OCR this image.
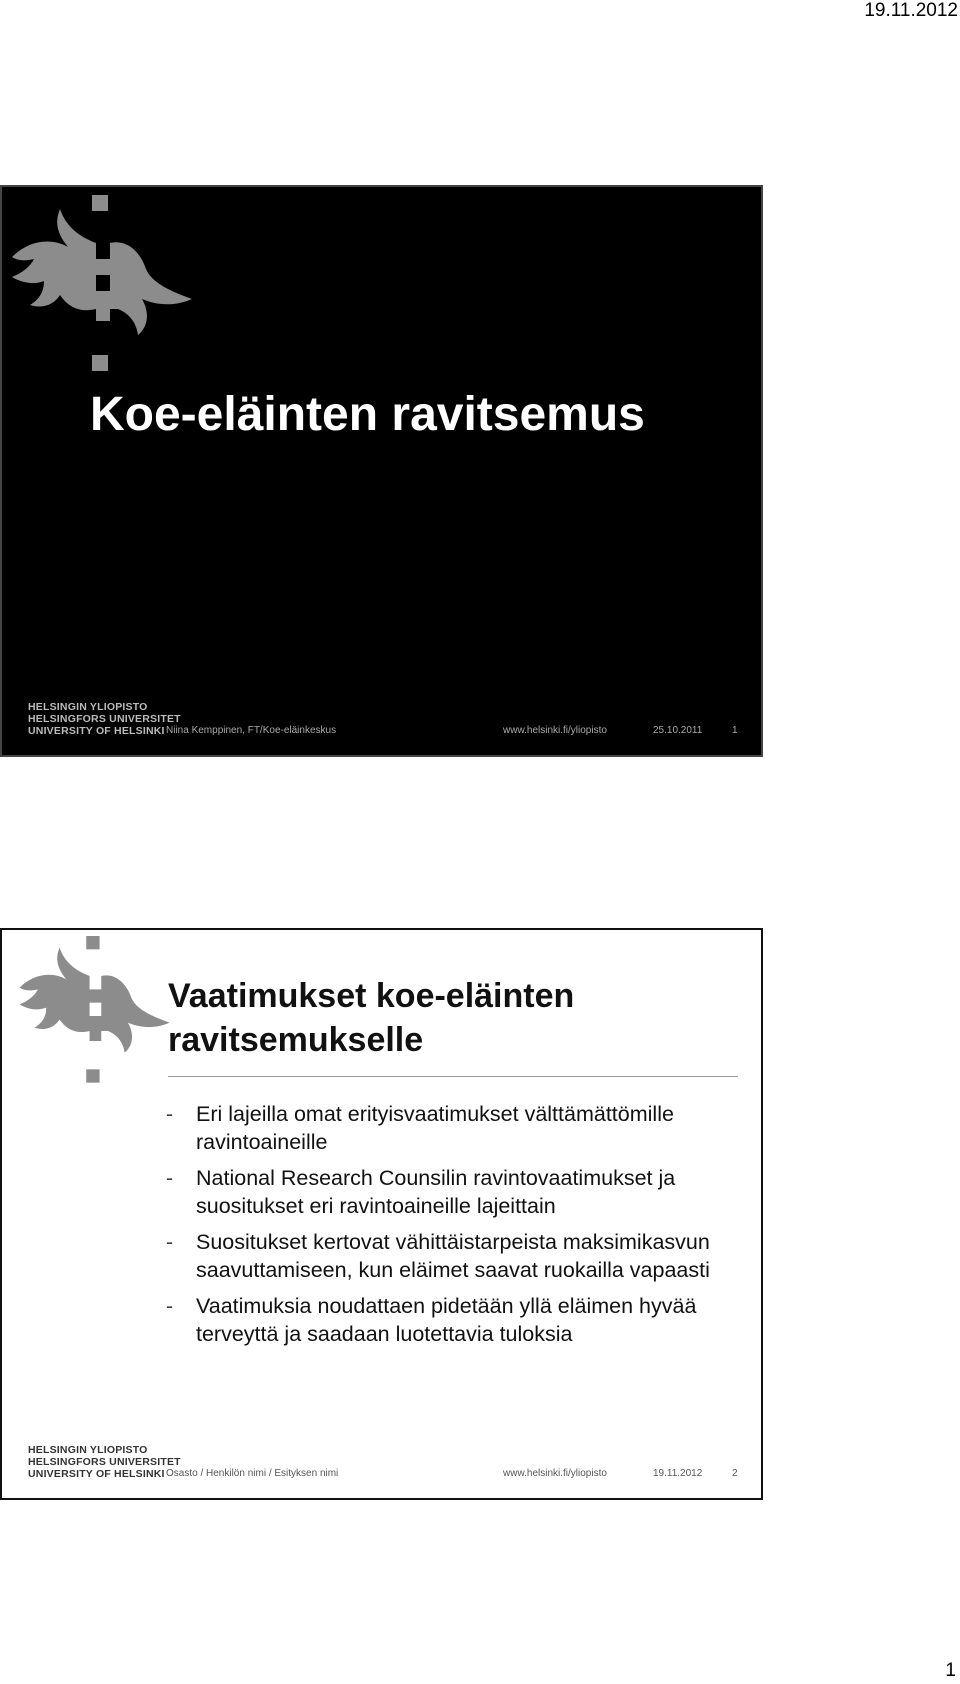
19.11.2012
Koe-eläinten ravitsemus
HELSINGIN YLIOPISTO
HELSINGFORS UNIVERSITET
UNIVERSITY OF HELSINKI Niina Kemppinen, FT/Koe-eläinkeskus	www.helsinki.fi/yliopisto	25.10.2011	1
Vaatimukset koe-eläinten ravitsemukselle
- Eri lajeilla omat erityisvaatimukset välttämättömille ravintoaineille
- National Research Counsilin ravintovaatimukset ja suositukset eri ravintoaineille lajeittain
- Suositukset kertovat vähittäistarpeista maksimikasvun saavuttamiseen, kun eläimet saavat ruokailla vapaasti
- Vaatimuksia noudattaen pidetään yllä eläimen hyvää terveyttä ja saadaan luotettavia tuloksia
HELSINGIN YLIOPISTO
HELSINGFORS UNIVERSITET
UNIVERSITY OF HELSINKI Osasto / Henkilön nimi / Esityksen nimi	www.helsinki.fi/yliopisto	19.11.2012	2
1
